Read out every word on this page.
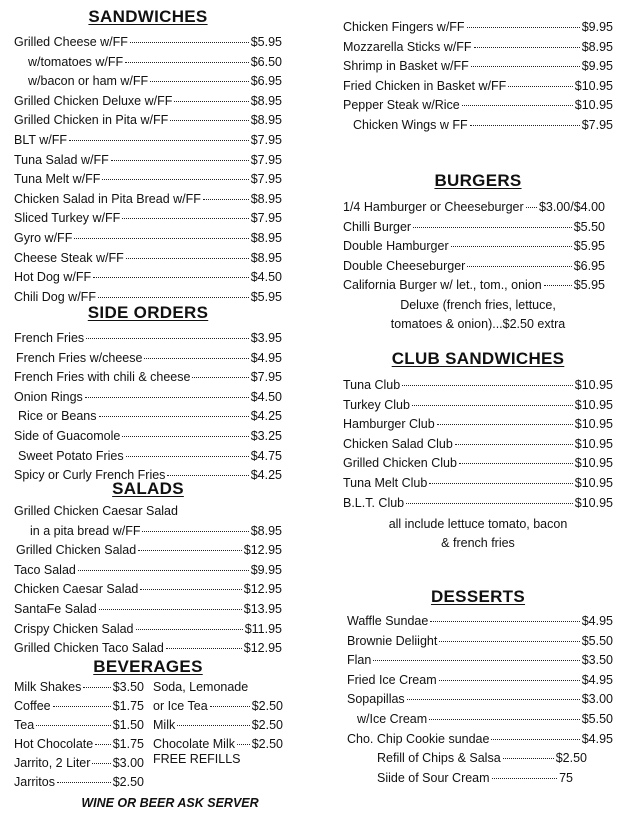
SANDWICHES
Grilled Cheese w/FF	$5.95
w/tomatoes w/FF	$6.50
w/bacon or ham w/FF	$6.95
Grilled Chicken Deluxe w/FF	$8.95
Grilled Chicken in Pita w/FF	$8.95
BLT w/FF	$7.95
Tuna Salad w/FF	$7.95
Tuna Melt w/FF	$7.95
Chicken Salad in Pita Bread w/FF	$8.95
Sliced Turkey w/FF	$7.95
Gyro w/FF	$8.95
Cheese Steak w/FF	$8.95
Hot Dog w/FF	$4.50
Chili Dog w/FF	$5.95
SIDE ORDERS
French Fries	$3.95
French Fries w/cheese	$4.95
French Fries with chili & cheese	$7.95
Onion Rings	$4.50
Rice or Beans	$4.25
Side of Guacomole	$3.25
Sweet Potato Fries	$4.75
Spicy or Curly French Fries	$4.25
SALADS
Grilled Chicken Caesar Salad
in a pita bread w/FF	$8.95
Grilled Chicken Salad	$12.95
Taco Salad	$9.95
Chicken Caesar Salad	$12.95
SantaFe Salad	$13.95
Crispy Chicken Salad	$11.95
Grilled Chicken Taco Salad	$12.95
BEVERAGES
Milk Shakes	$3.50
Coffee	$1.75
Tea	$1.50
Hot Chocolate $1.75
Jarrito, 2 Liter $3.00
Jarritos	$2.50
Soda, Lemonade
or Ice Tea	$2.50
Milk	$2.50
Chocolate Milk $2.50
FREE REFILLS
WINE OR BEER ASK SERVER
Chicken Fingers w/FF	$9.95
Mozzarella Sticks w/FF	$8.95
Shrimp in Basket w/FF	$9.95
Fried Chicken in Basket w/FF	$10.95
Pepper Steak w/Rice	$10.95
Chicken Wings w FF	$7.95
BURGERS
1/4 Hamburger or Cheeseburger $3.00/$4.00
Chilli Burger	$5.50
Double Hamburger	$5.95
Double Cheeseburger	$6.95
California Burger w/ let., tom., onion	$5.95
Deluxe (french fries, lettuce,
tomatoes & onion)...$2.50 extra
CLUB SANDWICHES
Tuna Club	$10.95
Turkey Club	$10.95
Hamburger Club	$10.95
Chicken Salad Club	$10.95
Grilled Chicken Club	$10.95
Tuna Melt Club	$10.95
B.L.T. Club	$10.95
all include lettuce tomato, bacon
& french fries
DESSERTS
Waffle Sundae	$4.95
Brownie Deliight	$5.50
Flan	$3.50
Fried Ice Cream	$4.95
Sopapillas	$3.00
w/Ice Cream	$5.50
Cho. Chip Cookie sundae	$4.95
Refill of Chips & Salsa	$2.50
Siide of Sour Cream	75
